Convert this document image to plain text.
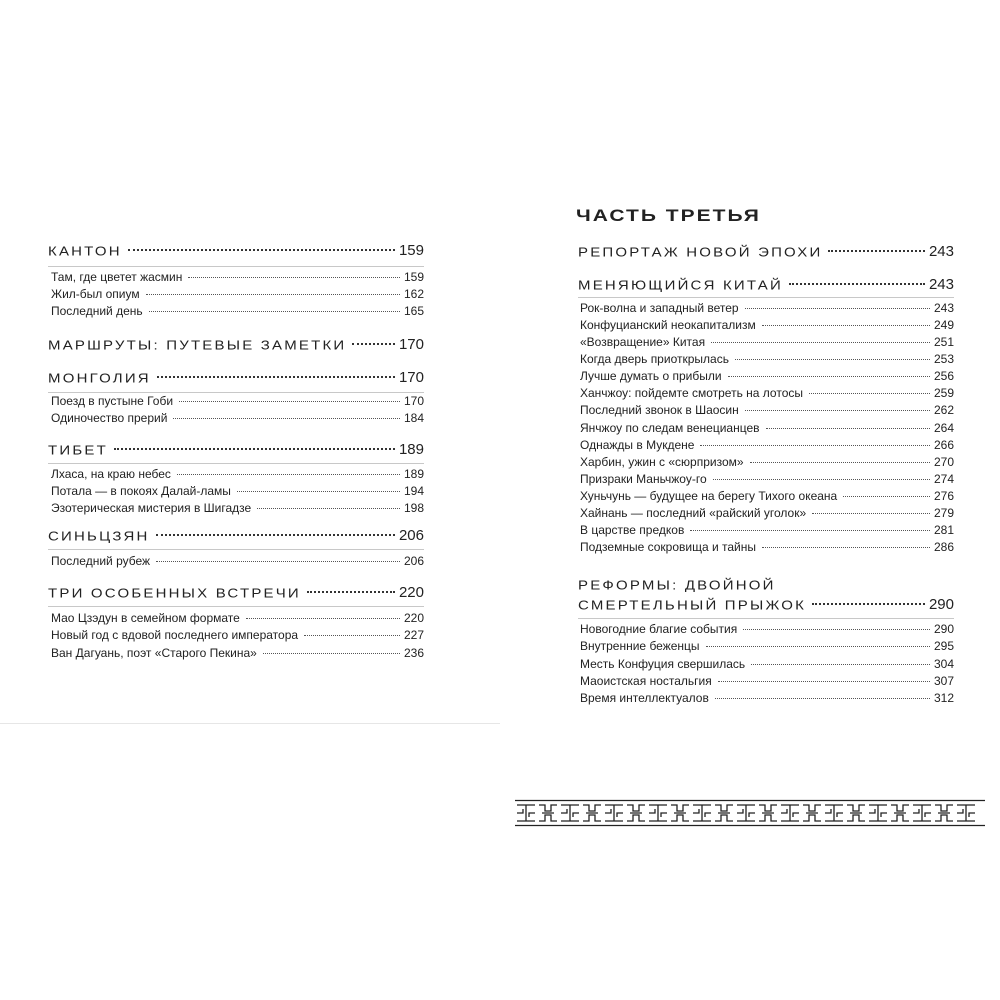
КАНТОН	159
Там, где цветет жасмин	159
Жил-был опиум	162
Последний день	165
МАРШРУТЫ: ПУТЕВЫЕ ЗАМЕТКИ	170
МОНГОЛИЯ	170
Поезд в пустыне Гоби	170
Одиночество прерий	184
ТИБЕТ	189
Лхаса, на краю небес	189
Потала — в покоях Далай-ламы	194
Эзотерическая мистерия в Шигадзе	198
СИНЬЦЗЯН	206
Последний рубеж	206
ТРИ ОСОБЕННЫХ ВСТРЕЧИ	220
Мао Цзэдун в семейном формате	220
Новый год с вдовой последнего императора	227
Ван Дагуань, поэт «Старого Пекина»	236
ЧАСТЬ ТРЕТЬЯ
РЕПОРТАЖ НОВОЙ ЭПОХИ	243
МЕНЯЮЩИЙСЯ КИТАЙ	243
Рок-волна и западный ветер	243
Конфуцианский неокапитализм	249
«Возвращение» Китая	251
Когда дверь приоткрылась	253
Лучше думать о прибыли	256
Ханчжоу: пойдемте смотреть на лотосы	259
Последний звонок в Шаосин	262
Янчжоу по следам венецианцев	264
Однажды в Мукдене	266
Харбин, ужин с «сюрпризом»	270
Призраки Маньчжоу-го	274
Хуньчунь — будущее на берегу Тихого океана	276
Хайнань — последний «райский уголок»	279
В царстве предков	281
Подземные сокровища и тайны	286
РЕФОРМЫ: ДВОЙНОЙ
СМЕРТЕЛЬНЫЙ ПРЫЖОК	290
Новогодние благие события	290
Внутренние беженцы	295
Месть Конфуция свершилась	304
Маоистская ностальгия	307
Время интеллектуалов	312
